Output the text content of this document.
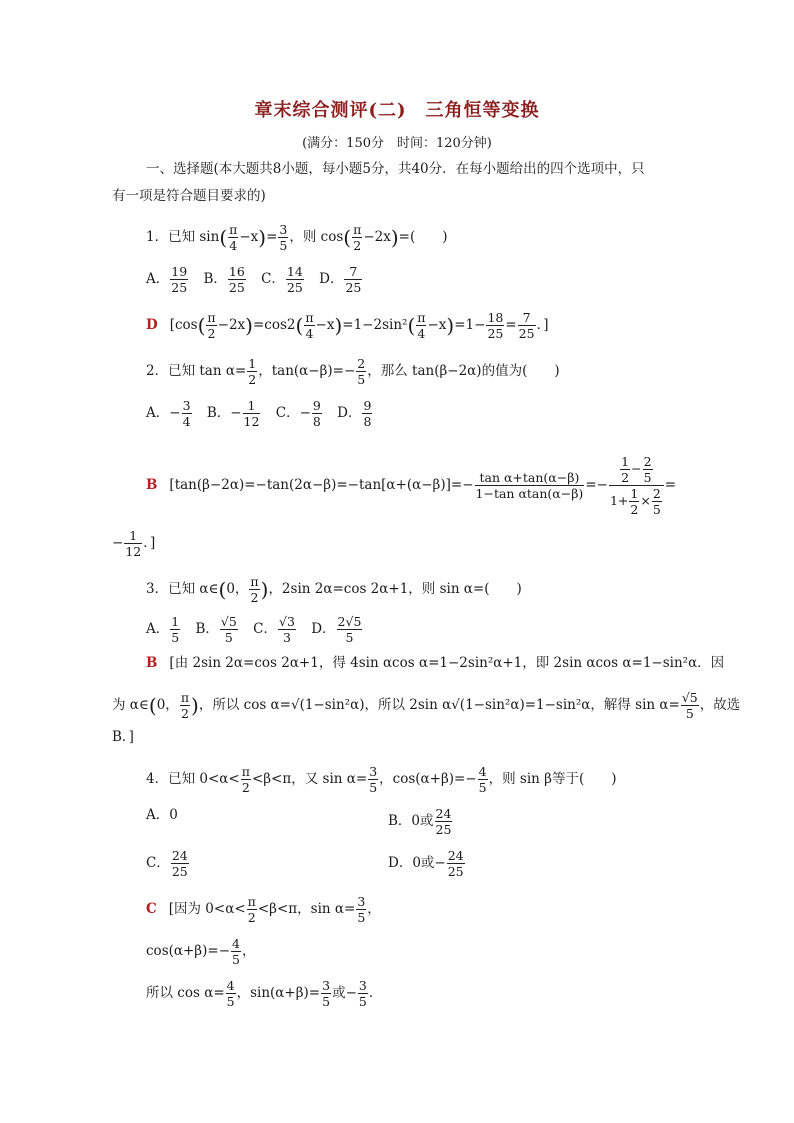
章末综合测评(二)　三角恒等变换
(满分：150分　时间：120分钟)
一、选择题(本大题共8小题，每小题5分，共40分．在每小题给出的四个选项中，只
有一项是符合题目要求的)
1．已知 $\sin( \frac{\pi}{4} -x)= \frac{3}{5}$ ，则 $\cos( \frac{\pi}{2} -2x)=$(　　)
A． $\frac{19}{25}$ B． $\frac{16}{25}$ C． $\frac{14}{25}$ D． $\frac{7}{25}$
D [$\cos( \frac{\pi}{2} -2x)=\cos 2( \frac{\pi}{4} -x)=1-2\sin^2( \frac{\pi}{4} -x)=1- \frac{18}{25} = \frac{7}{25}$ ．]
2．已知 $\tan \alpha= \frac{1}{2}$ ，$\tan(\alpha-\beta)=- \frac{2}{5}$ ，那么 tan(β−2α)的值为(　　)
A．− $\frac{3}{4}$ B．− $\frac{1}{12}$ C．− $\frac{9}{8}$ D． $\frac{9}{8}$
B [$\tan(\beta-2\alpha)=-\tan(2\alpha-\beta)=-\tan[\alpha+(\alpha-\beta)]=- \frac{\text{tan α+tan(α−β)}}{\text{1−tan αtan(α−β)}} =- \frac{\frac{1}{2} - \frac{2}{5}}{1+ \frac{1}{2} \times \frac{2}{5}}$ =
− $\frac{1}{12}$ ．]
3．已知 α∈(0， $\frac{\pi}{2}$ )，2sin 2α=cos 2α+1，则 sin α=(　　)
A． $\frac{1}{5}$ B． $\frac{√5}{5}$ C． $\frac{√3}{3}$ D． $\frac{2√5}{5}$
B [由 2sin 2α=cos 2α+1，得 4sin αcos α=1−2sin²α+1，即 2sin αcos α=1−sin²α．因
为 α∈(0， $\frac{\pi}{2}$ )，所以 cos α=√(1−sin²α)，所以 2sin α√(1−sin²α)=1−sin²α，解得 $\sin \alpha= \frac{√5}{5}$ ，故选
B．]
4．已知 $0<\alpha< \frac{\pi}{2} <\beta<\pi$，又 $\sin \alpha= \frac{3}{5}$ ，$\cos(\alpha+\beta)=- \frac{4}{5}$ ，则 sin β等于(　　)
A．0	B．0或 $\frac{24}{25}$
C． $\frac{24}{25}$	D．0或− $\frac{24}{25}$
C [因为 $0<\alpha< \frac{\pi}{2} <\beta<\pi$，$\sin \alpha= \frac{3}{5}$ ，
$\cos(\alpha+\beta)=- \frac{4}{5}$ ，
所以 $\cos \alpha= \frac{4}{5}$ ，$\sin(\alpha+\beta)= \frac{3}{5}$ 或− $\frac{3}{5}$ ．
